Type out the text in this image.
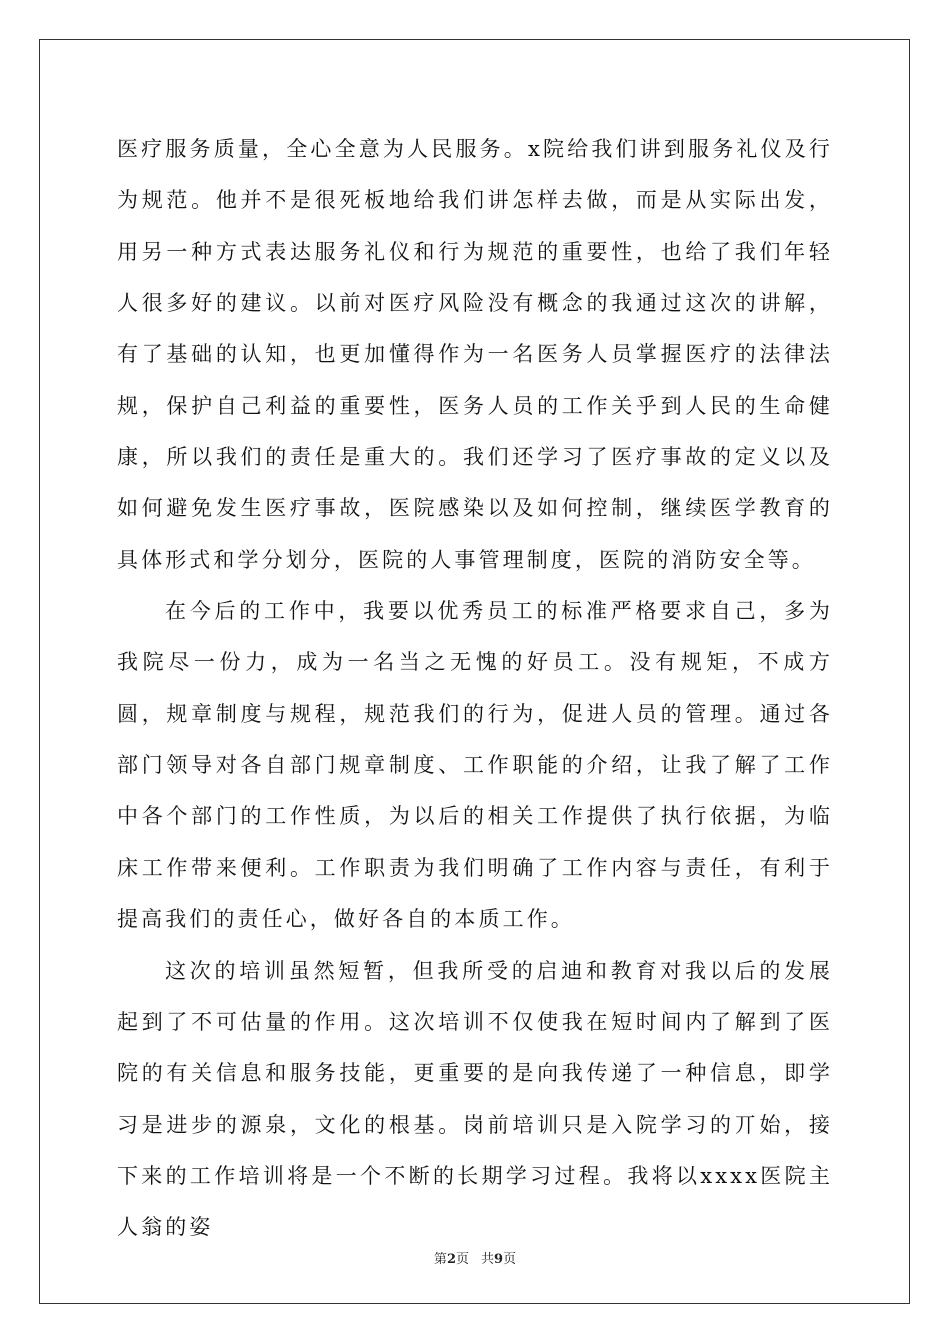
医疗服务质量，全心全意为人民服务。x院给我们讲到服务礼仪及行为规范。他并不是很死板地给我们讲怎样去做，而是从实际出发，用另一种方式表达服务礼仪和行为规范的重要性，也给了我们年轻人很多好的建议。以前对医疗风险没有概念的我通过这次的讲解，有了基础的认知，也更加懂得作为一名医务人员掌握医疗的法律法规，保护自己利益的重要性，医务人员的工作关乎到人民的生命健康，所以我们的责任是重大的。我们还学习了医疗事故的定义以及如何避免发生医疗事故，医院感染以及如何控制，继续医学教育的具体形式和学分划分，医院的人事管理制度，医院的消防安全等。

在今后的工作中，我要以优秀员工的标准严格要求自己，多为我院尽一份力，成为一名当之无愧的好员工。没有规矩，不成方圆，规章制度与规程，规范我们的行为，促进人员的管理。通过各部门领导对各自部门规章制度、工作职能的介绍，让我了解了工作中各个部门的工作性质，为以后的相关工作提供了执行依据，为临床工作带来便利。工作职责为我们明确了工作内容与责任，有利于提高我们的责任心，做好各自的本质工作。

这次的培训虽然短暂，但我所受的启迪和教育对我以后的发展起到了不可估量的作用。这次培训不仅使我在短时间内了解到了医院的有关信息和服务技能，更重要的是向我传递了一种信息，即学习是进步的源泉，文化的根基。岗前培训只是入院学习的丌始，接下来的工作培训将是一个不断的长期学习过程。我将以xxxx医院主人翁的姿

第2页 共9页
